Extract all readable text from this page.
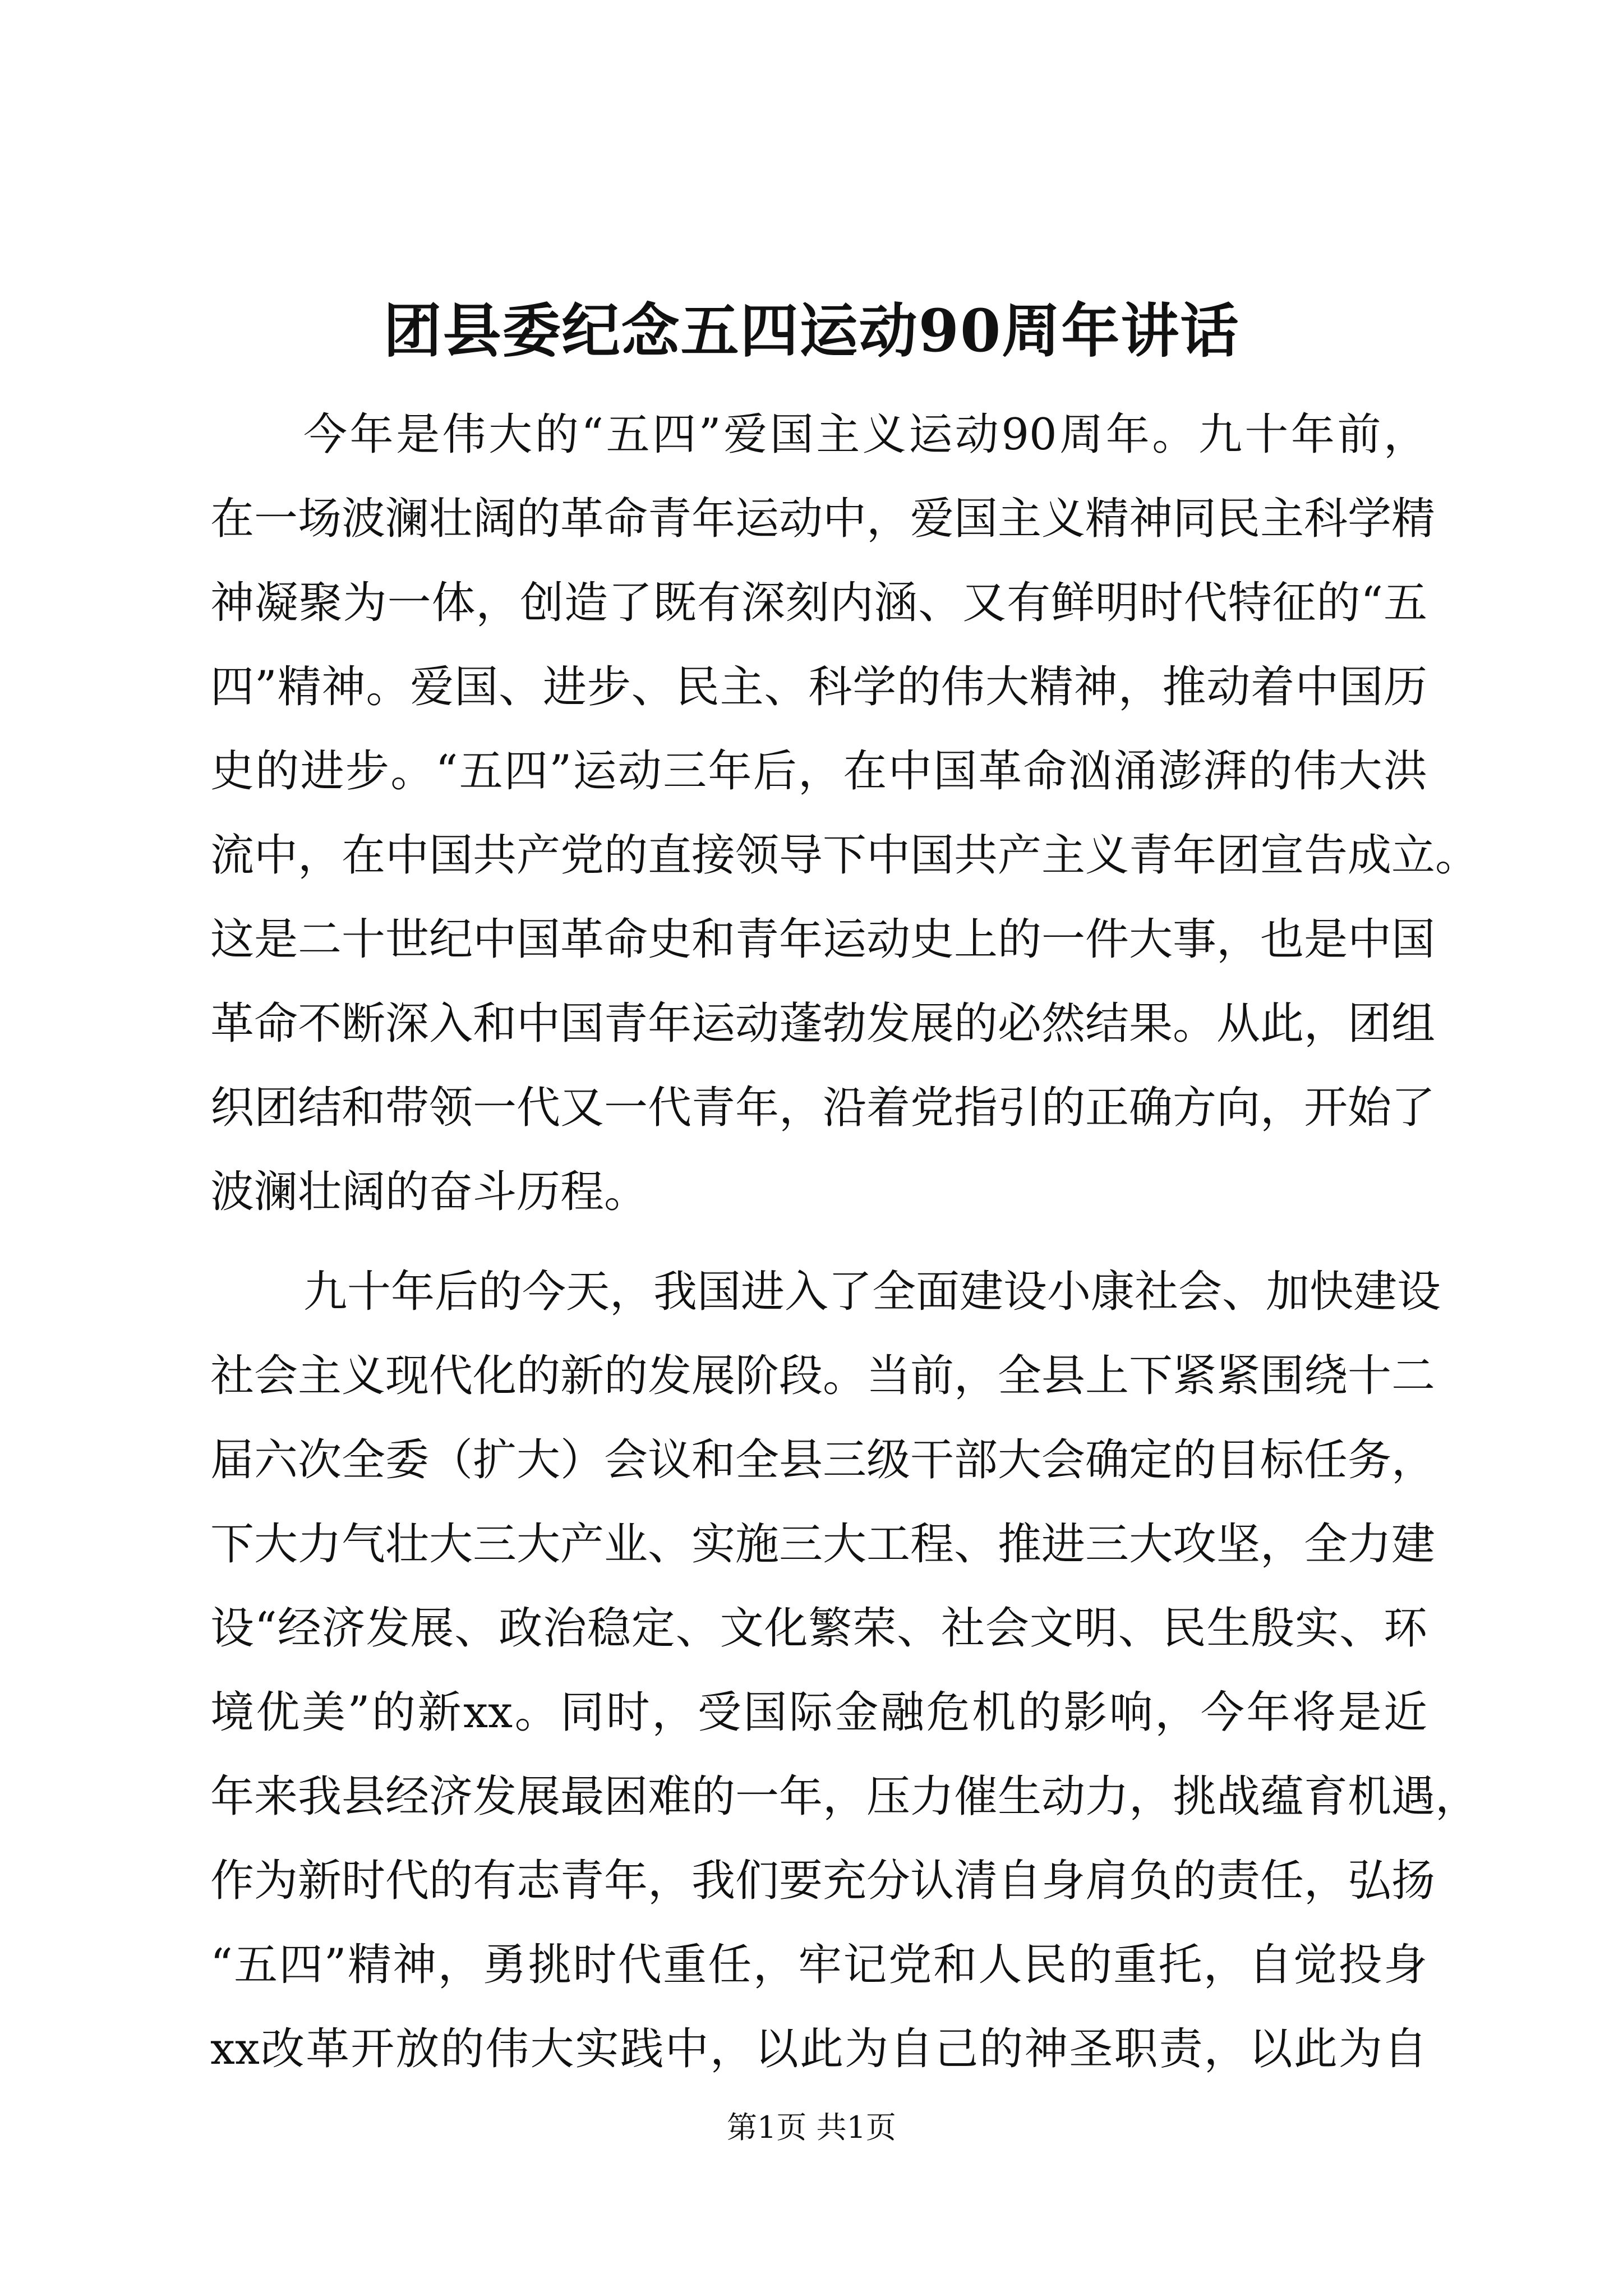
团县委纪念五四运动90周年讲话
今年是伟大的“五四”爱国主义运动90周年。九十年前，
在一场波澜壮阔的革命青年运动中，爱国主义精神同民主科学精
神凝聚为一体，创造了既有深刻内涵、又有鲜明时代特征的“五
四”精神。爱国、进步、民主、科学的伟大精神，推动着中国历
史的进步。“五四”运动三年后，在中国革命汹涌澎湃的伟大洪
流中，在中国共产党的直接领导下中国共产主义青年团宣告成立。
这是二十世纪中国革命史和青年运动史上的一件大事，也是中国
革命不断深入和中国青年运动蓬勃发展的必然结果。从此，团组
织团结和带领一代又一代青年，沿着党指引的正确方向，开始了
波澜壮阔的奋斗历程。
九十年后的今天，我国进入了全面建设小康社会、加快建设
社会主义现代化的新的发展阶段。当前，全县上下紧紧围绕十二
届六次全委（扩大）会议和全县三级干部大会确定的目标任务，
下大力气壮大三大产业、实施三大工程、推进三大攻坚，全力建
设“经济发展、政治稳定、文化繁荣、社会文明、民生殷实、环
境优美”的新xx。同时，受国际金融危机的影响，今年将是近
年来我县经济发展最困难的一年，压力催生动力，挑战蕴育机遇，
作为新时代的有志青年，我们要充分认清自身肩负的责任，弘扬
“五四”精神，勇挑时代重任，牢记党和人民的重托，自觉投身
xx改革开放的伟大实践中，以此为自己的神圣职责，以此为自
第1页 共1页
